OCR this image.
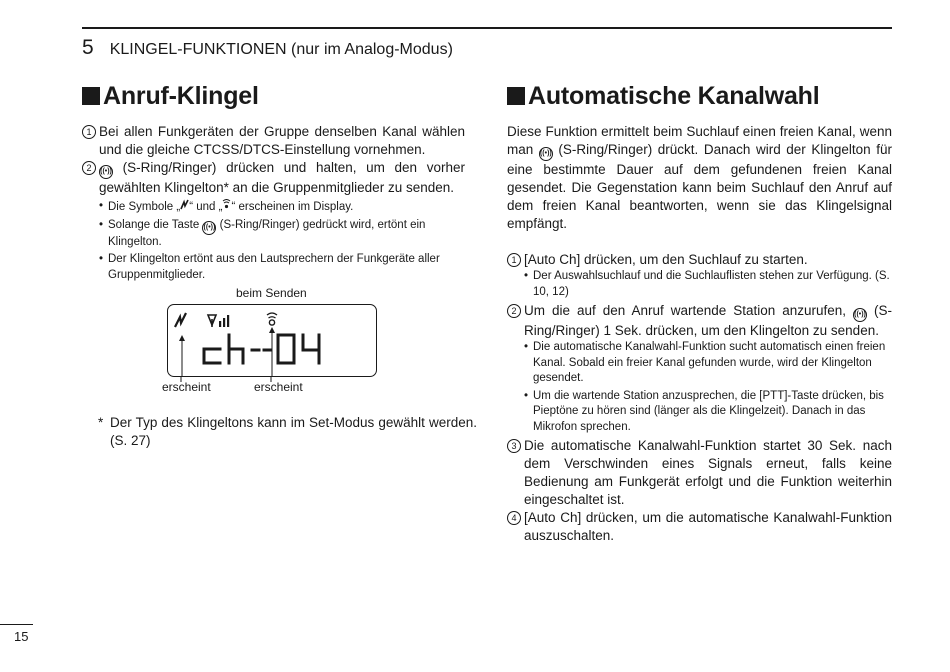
5 KLINGEL-FUNKTIONEN (nur im Analog-Modus)
Anruf-Klingel

1 Bei allen Funkgeräten der Gruppe denselben Kanal wählen und die gleiche CTCSS/DTCS-Einstellung vornehmen.

2	((•)) (S-Ring/Ringer) drücken und halten, um den vorher gewählten Klingelton* an die Gruppenmitglieder zu senden.

• Die Symbole „ “ und „ “ erscheinen im Display.
• Solange die Taste ((•)) (S-Ring/Ringer) gedrückt wird, ertönt ein Klingelton.
• Der Klingelton ertönt aus den Lautsprechern der Funkgeräte aller Gruppenmitglieder.
beim Senden
erscheint	erscheint
* Der Typ des Klingeltons kann im Set-Modus gewählt werden. (S. 27)
Automatische Kanalwahl

Diese Funktion ermittelt beim Suchlauf einen freien Kanal, wenn man ((•)) (S-Ring/Ringer) drückt. Danach wird der Klingelton für eine bestimmte Dauer auf dem gefundenen freien Kanal gesendet. Die Gegenstation kann beim Suchlauf den Anruf auf dem freien Kanal beantworten, wenn sie das Klingelsignal empfängt.

1 [Auto Ch] drücken, um den Suchlauf zu starten.

• Der Auswahlsuchlauf und die Suchlauflisten stehen zur Verfügung. (S. 10, 12)

2 Um die auf den Anruf wartende Station anzurufen, ((•)) (S-Ring/Ringer) 1 Sek. drücken, um den Klingelton zu senden.

• Die automatische Kanalwahl-Funktion sucht automatisch einen freien Kanal. Sobald ein freier Kanal gefunden wurde, wird der Klingelton gesendet.
• Um die wartende Station anzusprechen, die [PTT]-Taste drücken, bis Pieptöne zu hören sind (länger als die Klingelzeit). Danach in das Mikrofon sprechen.

3 Die automatische Kanalwahl-Funktion startet 30 Sek. nach dem Verschwinden eines Signals erneut, falls keine Bedienung am Funkgerät erfolgt und die Funktion weiterhin eingeschaltet ist.

4 [Auto Ch] drücken, um die automatische Kanalwahl-Funktion auszuschalten.

15
